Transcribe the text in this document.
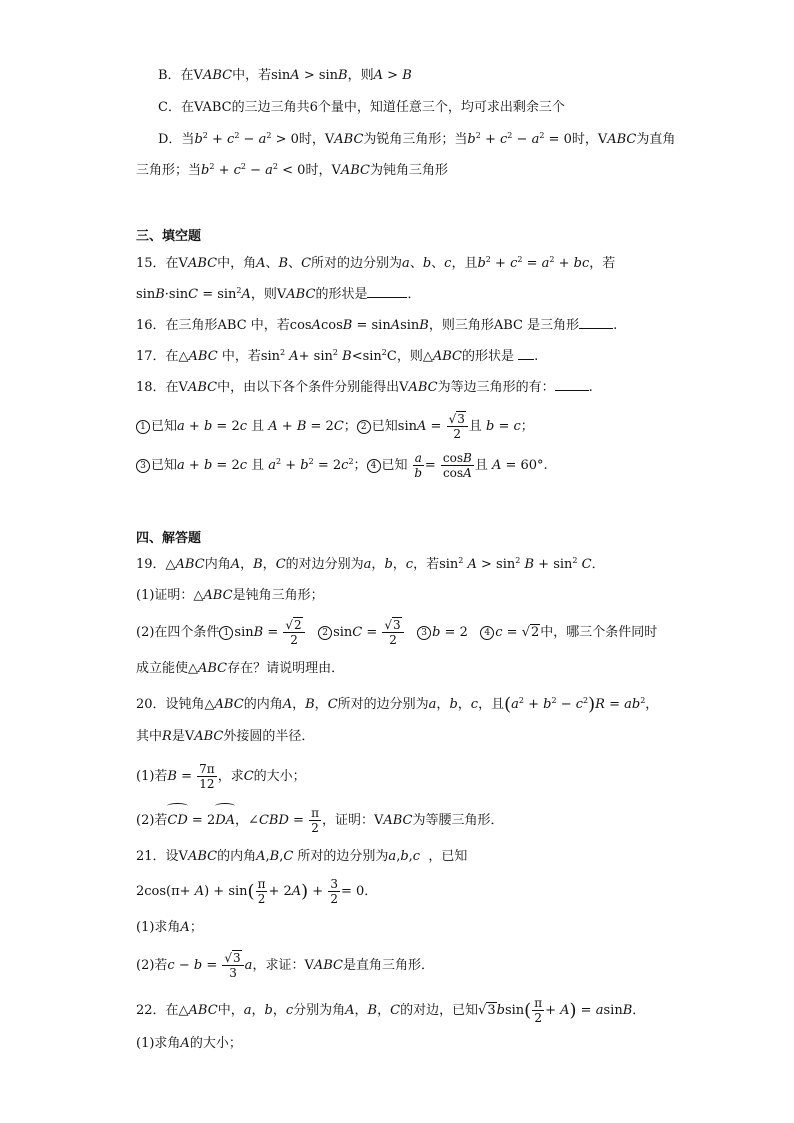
B．在VABC中，若sinA > sinB，则A > B
C．在VABC的三边三角共6个量中，知道任意三个，均可求出剩余三个
D．当$b^2 + c^2 - a^2 > 0$时，VABC为锐角三角形；当$b^2 + c^2 - a^2 = 0$时，VABC为直角
三角形；当$b^2 + c^2 - a^2 < 0$时，VABC为钝角三角形
三、填空题
15．在VABC中，角A、B、C所对的边分别为a、b、c，且$b^2 + c^2 = a^2$ + bc，若
$\sin B\cdot\sin C = \sin^2A$，则VABC的形状是	．
16．在三角形ABC 中，若cosAcosB = sinAsinB，则三角形ABC 是三角形	.
17．在△ABC 中，若$\sin^2 A+ \sin^2 B<\sin^2C$，则△ABC的形状是 .
18．在VABC中，由以下各个条件分别能得出VABC为等边三角形的有：	.
1 已知a + b = 2c 且 A + B = 2C； 2 已知$\sin A = \frac{√3}{2}$ 且 b = c；
3 已知a + b = 2c 且 $a^2 + b^2 = 2c^2$； 4 已知 $\frac{a}{b} = \frac{\cos B}{\cos A}$ 且 A = 60°.
四、解答题
19．△ABC内角A，B，C的对边分别为a，b，c，若$\sin^2 A > \sin^2 B + \sin^2 C$．
(1)证明：△ABC是钝角三角形；
(2)在四个条件 1 $\sin B = \frac{√2}{2} 2$ $\sin C = \frac{√3}{2} 3$ b = 2   4 c = √2中，哪三个条件同时
成立能使△ABC存在？请说明理由．
20．设钝角△ABC的内角A，B，C所对的边分别为a，b，c，且$(a^2 + b^2 - c^2)R = ab^2$，
其中R是VABC外接圆的半径．
(1)若$B = \frac{7\pi}{12}$ ，求C的大小；
(2)若CD = 2DA，∠CBD = $\frac{\pi}{2}$ ，证明：VABC为等腰三角形．
21．设VABC的内角A,B,C 所对的边分别为a,b,c  ，已知
$2\cos(\pi+ A) + \sin( \frac{\pi}{2} + 2A) + \frac{3}{2} = 0$．
(1)求角A；
(2)若$c - b = \frac{√3}{3}$ a，求证：VABC是直角三角形．
22．在△ABC中，a，b，c分别为角A，B，C的对边，已知$√3bsin( \frac{\pi}{2} + A) = asinB$．
(1)求角A的大小；
